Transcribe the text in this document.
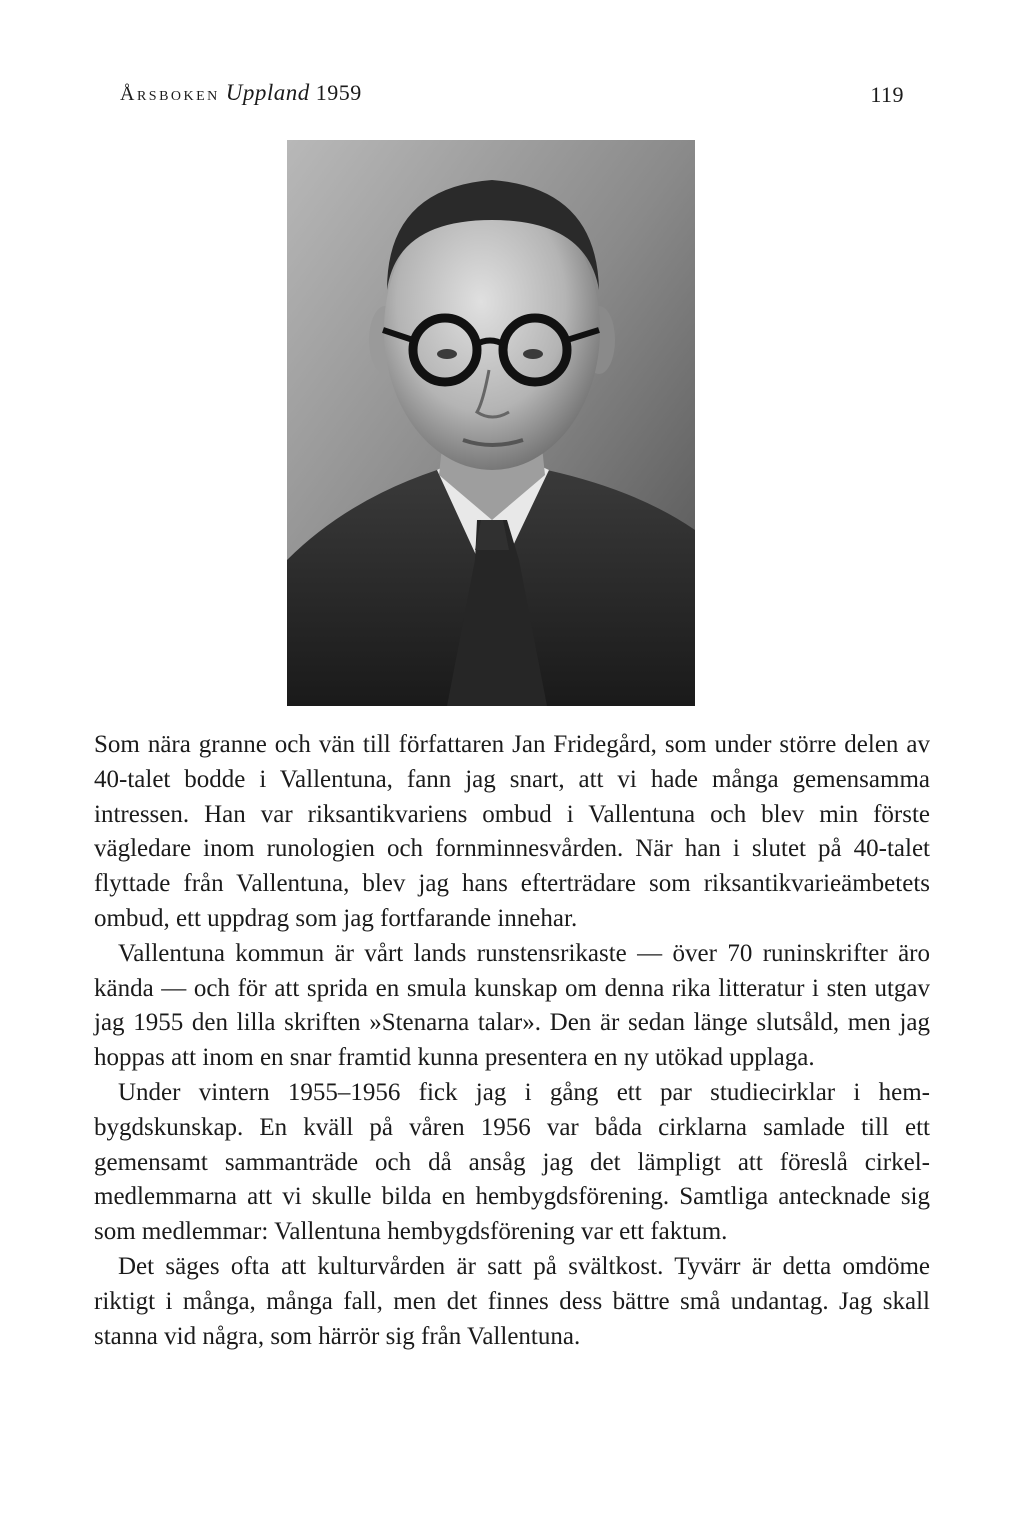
Årsboken Uppland 1959	119

Som nära granne och vän till författaren Jan Fridegård, som under större delen av 40-talet bodde i Vallentuna, fann jag snart, att vi hade många gemensamma intressen. Han var riksantikvariens ombud i Vallentuna och blev min förste vägledare inom runologien och fornminnesvården. När han i slutet på 40-talet flyttade från Vallentuna, blev jag hans efterträdare som riksantikvarieämbetets ombud, ett uppdrag som jag fortfarande innehar.

Vallentuna kommun är vårt lands runstensrikaste — över 70 runinskrifter äro kända — och för att sprida en smula kunskap om denna rika litteratur i sten utgav jag 1955 den lilla skriften »Stenarna talar». Den är sedan länge slutsåld, men jag hoppas att inom en snar framtid kunna presentera en ny utökad upplaga.

Under vintern 1955–1956 fick jag i gång ett par studiecirklar i hembygdskunskap. En kväll på våren 1956 var båda cirklarna samlade till ett gemensamt sammanträde och då ansåg jag det lämpligt att föreslå cirkelmedlemmarna att vi skulle bilda en hembygdsförening. Samtliga antecknade sig som medlemmar: Vallentuna hembygdsförening var ett faktum.

Det säges ofta att kulturvården är satt på svältkost. Tyvärr är detta omdöme riktigt i många, många fall, men det finnes dess bättre små undantag. Jag skall stanna vid några, som härrör sig från Vallentuna.
